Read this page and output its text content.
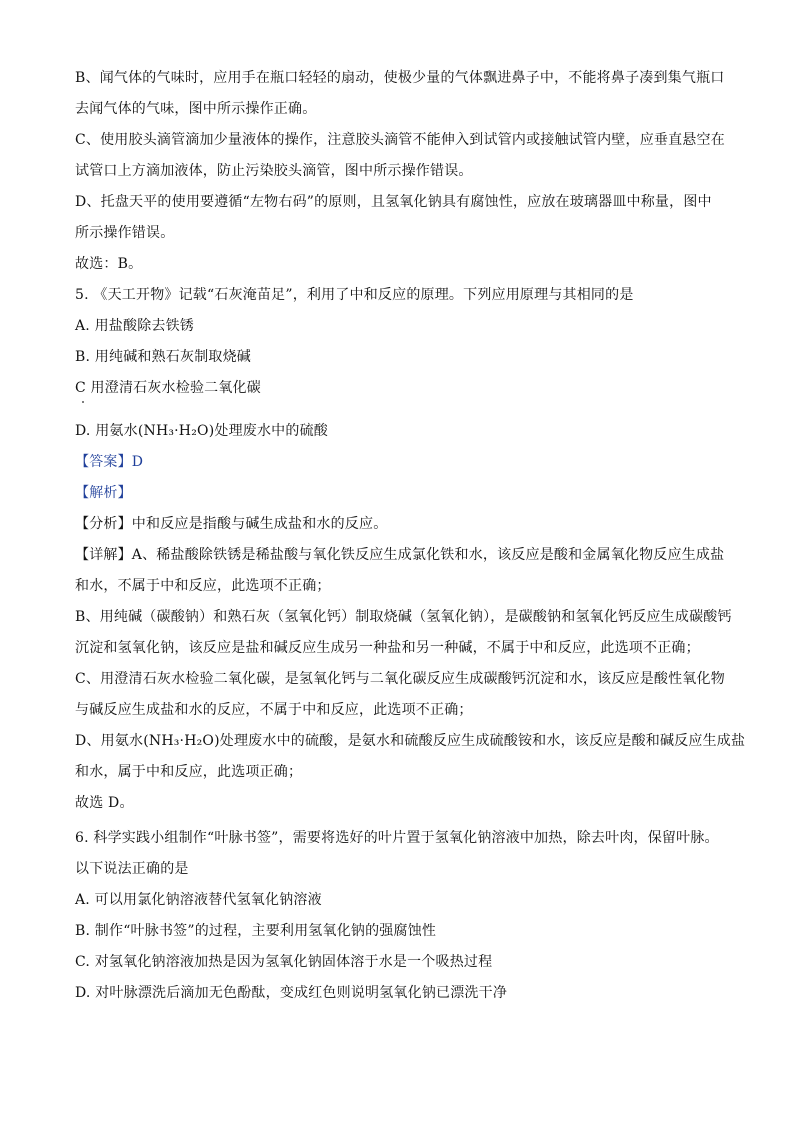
B、闻气体的气味时，应用手在瓶口轻轻的扇动，使极少量的气体飘进鼻子中，不能将鼻子凑到集气瓶口

去闻气体的气味，图中所示操作正确。

C、使用胶头滴管滴加少量液体的操作，注意胶头滴管不能伸入到试管内或接触试管内壁，应垂直悬空在

试管口上方滴加液体，防止污染胶头滴管，图中所示操作错误。

D、托盘天平的使用要遵循“左物右码”的原则，且氢氧化钠具有腐蚀性，应放在玻璃器皿中称量，图中

所示操作错误。

故选：B。

5. 《天工开物》记载“石灰淹苗足”，利用了中和反应的原理。下列应用原理与其相同的是

A. 用盐酸除去铁锈

B. 用纯碱和熟石灰制取烧碱

C 用澄清石灰水检验二氧化碳

D. 用氨水(NH₃·H₂O)处理废水中的硫酸

【答案】D

【解析】

【分析】中和反应是指酸与碱生成盐和水的反应。

【详解】A、稀盐酸除铁锈是稀盐酸与氧化铁反应生成氯化铁和水，该反应是酸和金属氧化物反应生成盐

和水，不属于中和反应，此选项不正确；

B、用纯碱（碳酸钠）和熟石灰（氢氧化钙）制取烧碱（氢氧化钠），是碳酸钠和氢氧化钙反应生成碳酸钙

沉淀和氢氧化钠，该反应是盐和碱反应生成另一种盐和另一种碱，不属于中和反应，此选项不正确；

C、用澄清石灰水检验二氧化碳，是氢氧化钙与二氧化碳反应生成碳酸钙沉淀和水，该反应是酸性氧化物

与碱反应生成盐和水的反应，不属于中和反应，此选项不正确；

D、用氨水(NH₃·H₂O)处理废水中的硫酸，是氨水和硫酸反应生成硫酸铵和水，该反应是酸和碱反应生成盐

和水，属于中和反应，此选项正确；

故选 D。

6. 科学实践小组制作“叶脉书签”，需要将选好的叶片置于氢氧化钠溶液中加热，除去叶肉，保留叶脉。

以下说法正确的是

A. 可以用氯化钠溶液替代氢氧化钠溶液

B. 制作“叶脉书签”的过程，主要利用氢氧化钠的强腐蚀性

C. 对氢氧化钠溶液加热是因为氢氧化钠固体溶于水是一个吸热过程

D. 对叶脉漂洗后滴加无色酚酞，变成红色则说明氢氧化钠已漂洗干净
